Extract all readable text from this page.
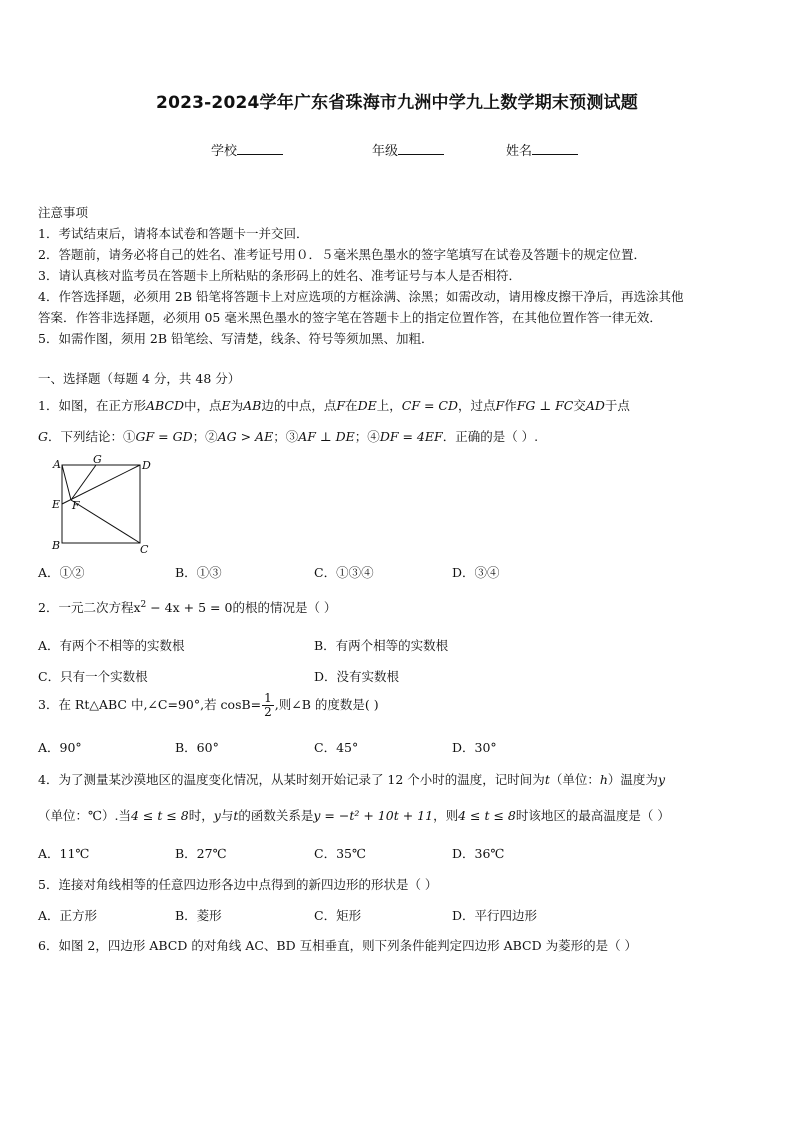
2023-2024学年广东省珠海市九洲中学九上数学期末预测试题
学校	年级	姓名
注意事项
1．考试结束后，请将本试卷和答题卡一并交回．
2．答题前，请务必将自己的姓名、准考证号用０．５毫米黑色墨水的签字笔填写在试卷及答题卡的规定位置．
3．请认真核对监考员在答题卡上所粘贴的条形码上的姓名、准考证号与本人是否相符．
4．作答选择题，必须用 2B 铅笔将答题卡上对应选项的方框涂满、涂黑；如需改动，请用橡皮擦干净后，再选涂其他
答案．作答非选择题，必须用 05 毫米黑色墨水的签字笔在答题卡上的指定位置作答，在其他位置作答一律无效．
5．如需作图，须用 2B 铅笔绘、写清楚，线条、符号等须加黑、加粗．
一、选择题（每题 4 分，共 48 分）
1．如图，在正方形ABCD中，点E为AB边的中点，点F在DE上，CF = CD，过点F作FG ⊥ FC交AD于点
G．下列结论：①GF = GD；②AG > AE；③AF ⊥ DE；④DF = 4EF．正确的是（ ）.
A	G	D
E F
B	C
A．①②	B．①③	C．①③④	D．③④
2．一元二次方程$x^2 - 4x + 5 = 0$的根的情况是（ ）
A．有两个不相等的实数根	B．有两个相等的实数根
C．只有一个实数根	D．没有实数根
3．在 Rt△ABC 中,∠C=90°,若 $\cos B= \frac{1}{2}$ ,则∠B 的度数是( )
A．90°	B．60°	C．45°	D．30°
4．为了测量某沙漠地区的温度变化情况，从某时刻开始记录了 12 个小时的温度，记时间为t（单位：h）温度为y
（单位：℃）.当4 ≤ t ≤ 8时，y与t的函数关系是y = −t² + 10t + 11，则4 ≤ t ≤ 8时该地区的最高温度是（ ）
A．11℃	B．27℃	C．35℃	D．36℃
5．连接对角线相等的任意四边形各边中点得到的新四边形的形状是（ ）
A．正方形	B．菱形	C．矩形	D．平行四边形
6．如图 2，四边形 ABCD 的对角线 AC、BD 互相垂直，则下列条件能判定四边形 ABCD 为菱形的是（ ）
